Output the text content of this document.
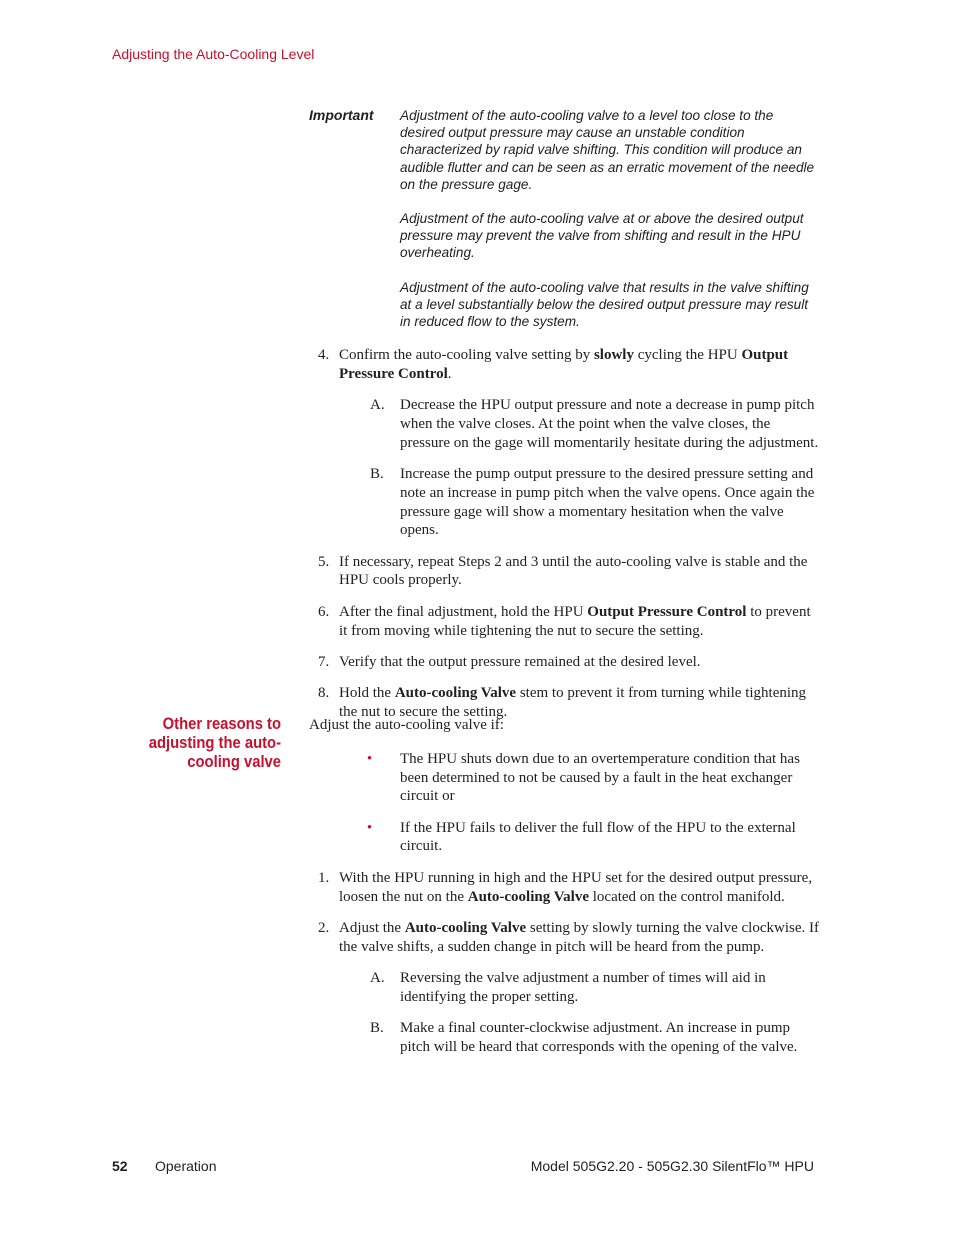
Adjusting the Auto-Cooling Level
Important Adjustment of the auto-cooling valve to a level too close to the desired output pressure may cause an unstable condition characterized by rapid valve shifting. This condition will produce an audible flutter and can be seen as an erratic movement of the needle on the pressure gage.

Adjustment of the auto-cooling valve at or above the desired output pressure may prevent the valve from shifting and result in the HPU overheating.

Adjustment of the auto-cooling valve that results in the valve shifting at a level substantially below the desired output pressure may result in reduced flow to the system.

4. Confirm the auto-cooling valve setting by slowly cycling the HPU Output Pressure Control.
A. Decrease the HPU output pressure and note a decrease in pump pitch when the valve closes. At the point when the valve closes, the pressure on the gage will momentarily hesitate during the adjustment.
B. Increase the pump output pressure to the desired pressure setting and note an increase in pump pitch when the valve opens. Once again the pressure gage will show a momentary hesitation when the valve opens.
5. If necessary, repeat Steps 2 and 3 until the auto-cooling valve is stable and the HPU cools properly.
6. After the final adjustment, hold the HPU Output Pressure Control to prevent it from moving while tightening the nut to secure the setting.
7. Verify that the output pressure remained at the desired level.
8. Hold the Auto-cooling Valve stem to prevent it from turning while tightening the nut to secure the setting.
Other reasons to adjusting the auto-cooling valve
Adjust the auto-cooling valve if:
•	The HPU shuts down due to an overtemperature condition that has been determined to not be caused by a fault in the heat exchanger circuit or
•	If the HPU fails to deliver the full flow of the HPU to the external circuit.
1. With the HPU running in high and the HPU set for the desired output pressure, loosen the nut on the Auto-cooling Valve located on the control manifold.
2. Adjust the Auto-cooling Valve setting by slowly turning the valve clockwise. If the valve shifts, a sudden change in pitch will be heard from the pump.
A. Reversing the valve adjustment a number of times will aid in identifying the proper setting.
B. Make a final counter-clockwise adjustment. An increase in pump pitch will be heard that corresponds with the opening of the valve.
52 Operation	Model 505G2.20 - 505G2.30 SilentFlo™ HPU
